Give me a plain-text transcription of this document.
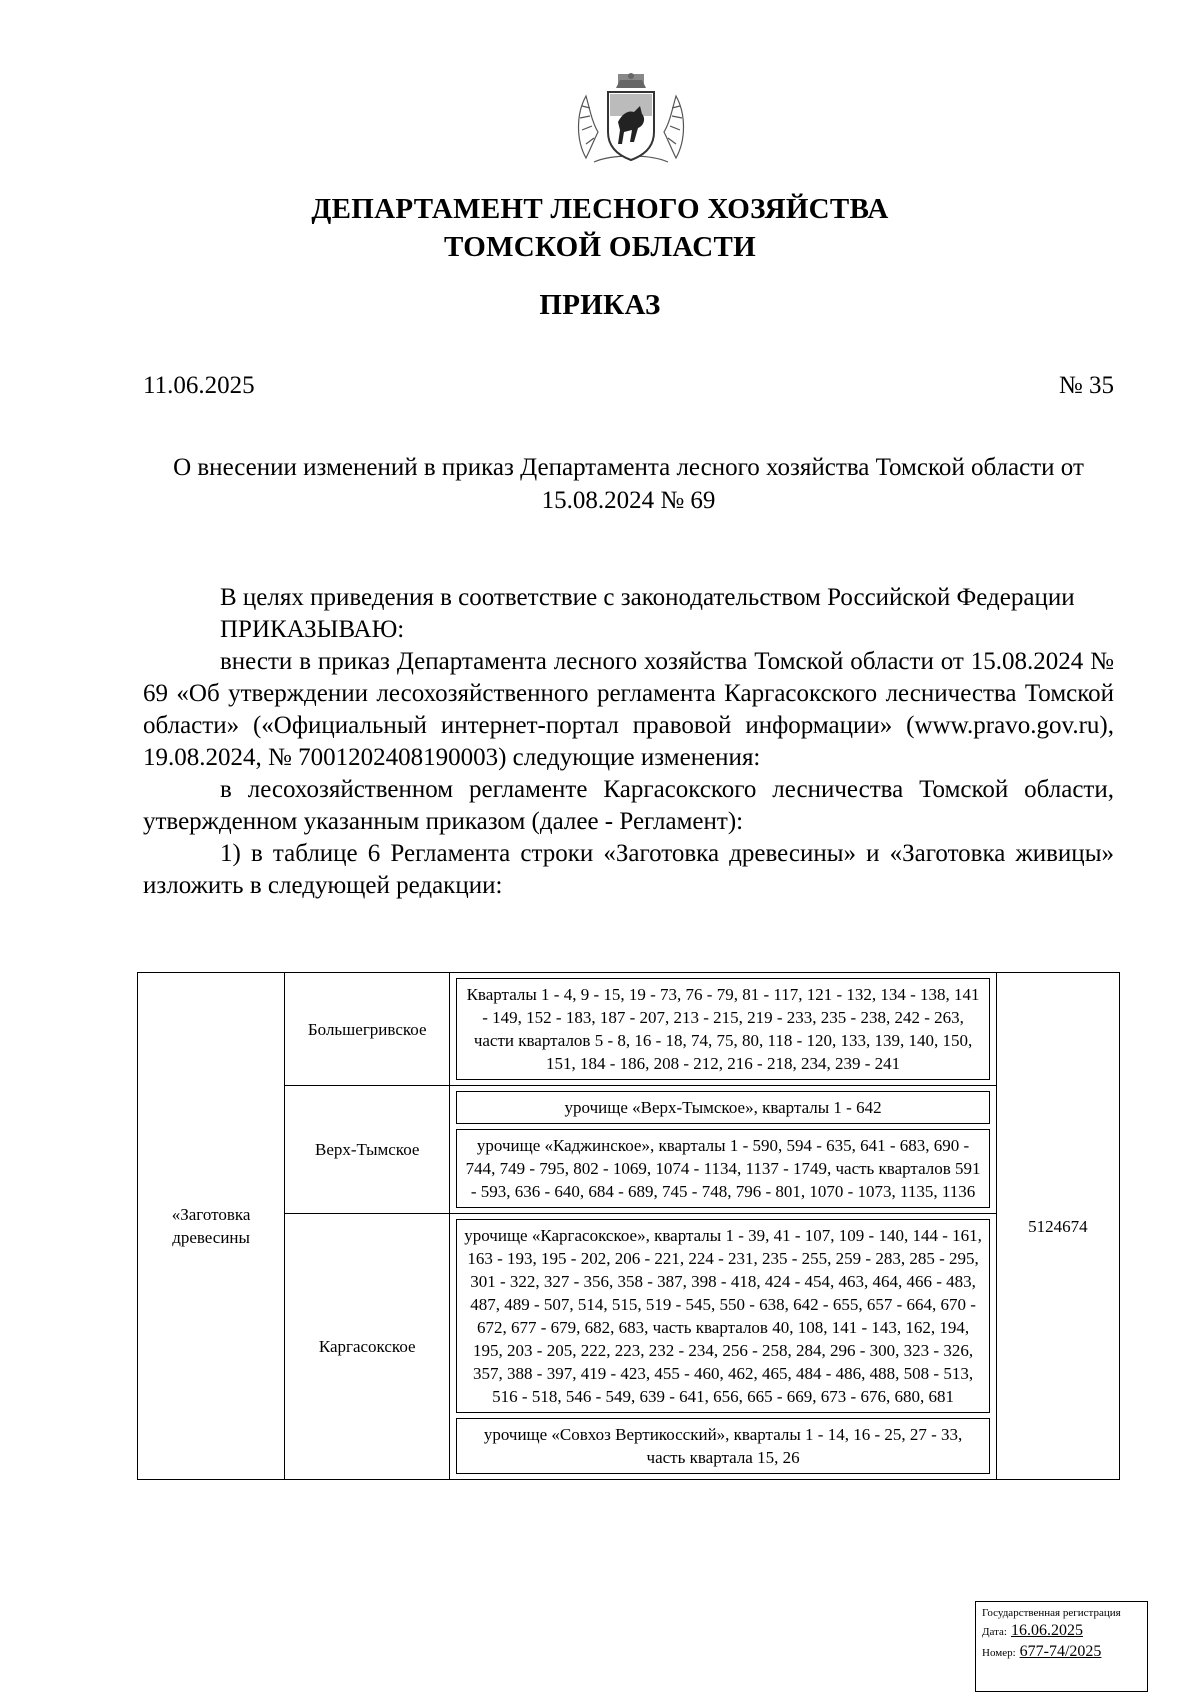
ДЕПАРТАМЕНТ ЛЕСНОГО ХОЗЯЙСТВА ТОМСКОЙ ОБЛАСТИ
ПРИКАЗ
11.06.2025	№ 35
О внесении изменений в приказ Департамента лесного хозяйства Томской области от 15.08.2024 № 69

В целях приведения в соответствие с законодательством Российской Федерации

ПРИКАЗЫВАЮ:

внести в приказ Департамента лесного хозяйства Томской области от 15.08.2024 № 69 «Об утверждении лесохозяйственного регламента Каргасокского лесничества Томской области» («Официальный интернет-портал правовой информации» (www.pravo.gov.ru), 19.08.2024, № 7001202408190003) следующие изменения:

в лесохозяйственном регламенте Каргасокского лесничества Томской области, утвержденном указанным приказом (далее - Регламент):

1) в таблице 6 Регламента строки «Заготовка древесины» и «Заготовка живицы» изложить в следующей редакции:

«Заготовка древесины	Большегривское	Кварталы 1 - 4, 9 - 15, 19 - 73, 76 - 79, 81 - 117, 121 - 132, 134 - 138, 141 - 149, 152 - 183, 187 - 207, 213 - 215, 219 - 233, 235 - 238, 242 - 263, части кварталов 5 - 8, 16 - 18, 74, 75, 80, 118 - 120, 133, 139, 140, 150, 151, 184 - 186, 208 - 212, 216 - 218, 234, 239 - 241	5124674
	Верх-Тымское	урочище «Верх-Тымское», кварталы 1 - 642
урочище «Каджинское», кварталы 1 - 590, 594 - 635, 641 - 683, 690 - 744, 749 - 795, 802 - 1069, 1074 - 1134, 1137 - 1749, часть кварталов 591 - 593, 636 - 640, 684 - 689, 745 - 748, 796 - 801, 1070 - 1073, 1135, 1136	

	Каргасокское	урочище «Каргасокское», кварталы 1 - 39, 41 - 107, 109 - 140, 144 - 161, 163 - 193, 195 - 202, 206 - 221, 224 - 231, 235 - 255, 259 - 283, 285 - 295, 301 - 322, 327 - 356, 358 - 387, 398 - 418, 424 - 454, 463, 464, 466 - 483, 487, 489 - 507, 514, 515, 519 - 545, 550 - 638, 642 - 655, 657 - 664, 670 - 672, 677 - 679, 682, 683, часть кварталов 40, 108, 141 - 143, 162, 194, 195, 203 - 205, 222, 223, 232 - 234, 256 - 258, 284, 296 - 300, 323 - 326, 357, 388 - 397, 419 - 423, 455 - 460, 462, 465, 484 - 486, 488, 508 - 513, 516 - 518, 546 - 549, 639 - 641, 656, 665 - 669, 673 - 676, 680, 681
урочище «Совхоз Вертикосский», кварталы 1 - 14, 16 - 25, 27 - 33, часть квартала 15, 26	
Государственная регистрация
Дата: 16.06.2025
Номер: 677-74/2025
